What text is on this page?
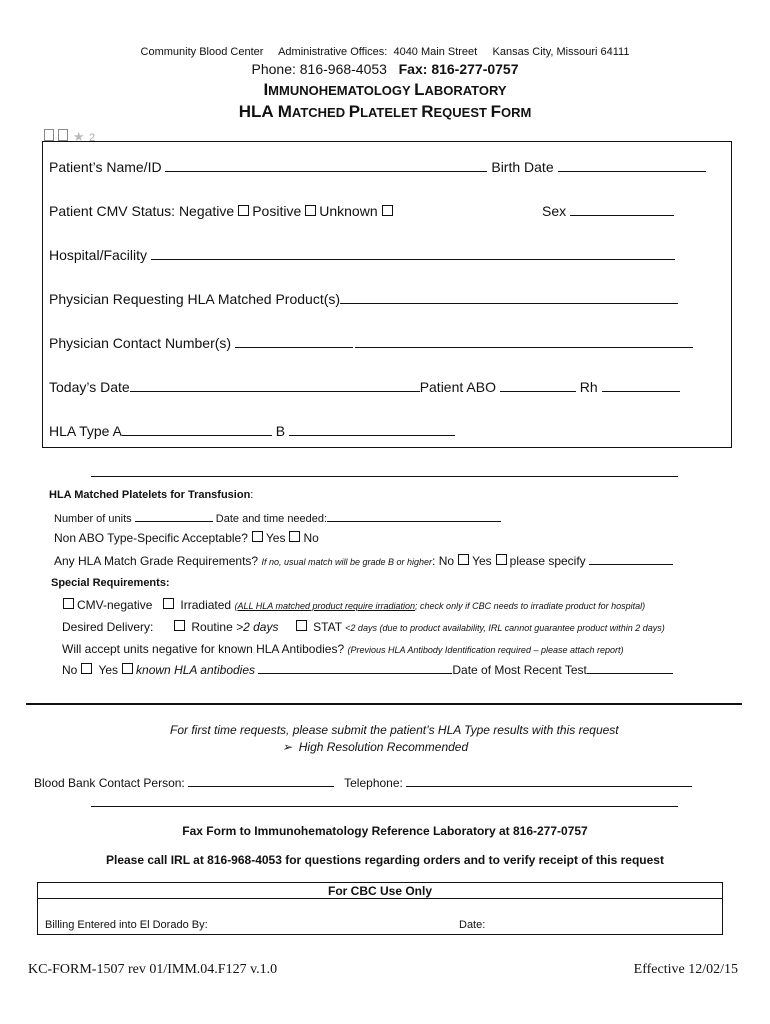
Community Blood Center Administrative Offices: 4040 Main Street Kansas City, Missouri 64111
Phone: 816-968-4053 Fax: 816-277-0757
IMMUNOHEMATOLOGY LABORATORY
HLA MATCHED PLATELET REQUEST FORM
★ 2
Patient’s Name/ID	Birth Date
Patient CMV Status: Negative Positive Unknown	Sex
Hospital/Facility
Physician Requesting HLA Matched Product(s)
Physician Contact Number(s)
Today’s Date	Patient ABO	Rh
HLA Type A	B
HLA Matched Platelets for Transfusion:
Number of units	Date and time needed:
Non ABO Type-Specific Acceptable? Yes No
Any HLA Match Grade Requirements? If no, usual match will be grade B or higher: No Yes please specify
Special Requirements:
CMV-negative Irradiated (ALL HLA matched product require irradiation; check only if CBC needs to irradiate product for hospital)
Desired Delivery:	Routine >2 days	STAT <2 days (due to product availability, IRL cannot guarantee product within 2 days)
Will accept units negative for known HLA Antibodies? (Previous HLA Antibody Identification required – please attach report)
No Yes known HLA antibodies	Date of Most Recent Test
For first time requests, please submit the patient’s HLA Type results with this request
➢ High Resolution Recommended
Blood Bank Contact Person:	Telephone:
Fax Form to Immunohematology Reference Laboratory at 816-277-0757
Please call IRL at 816-968-4053 for questions regarding orders and to verify receipt of this request
For CBC Use Only
Billing Entered into El Dorado By:	Date:
KC-FORM-1507 rev 01/IMM.04.F127 v.1.0	Effective 12/02/15
